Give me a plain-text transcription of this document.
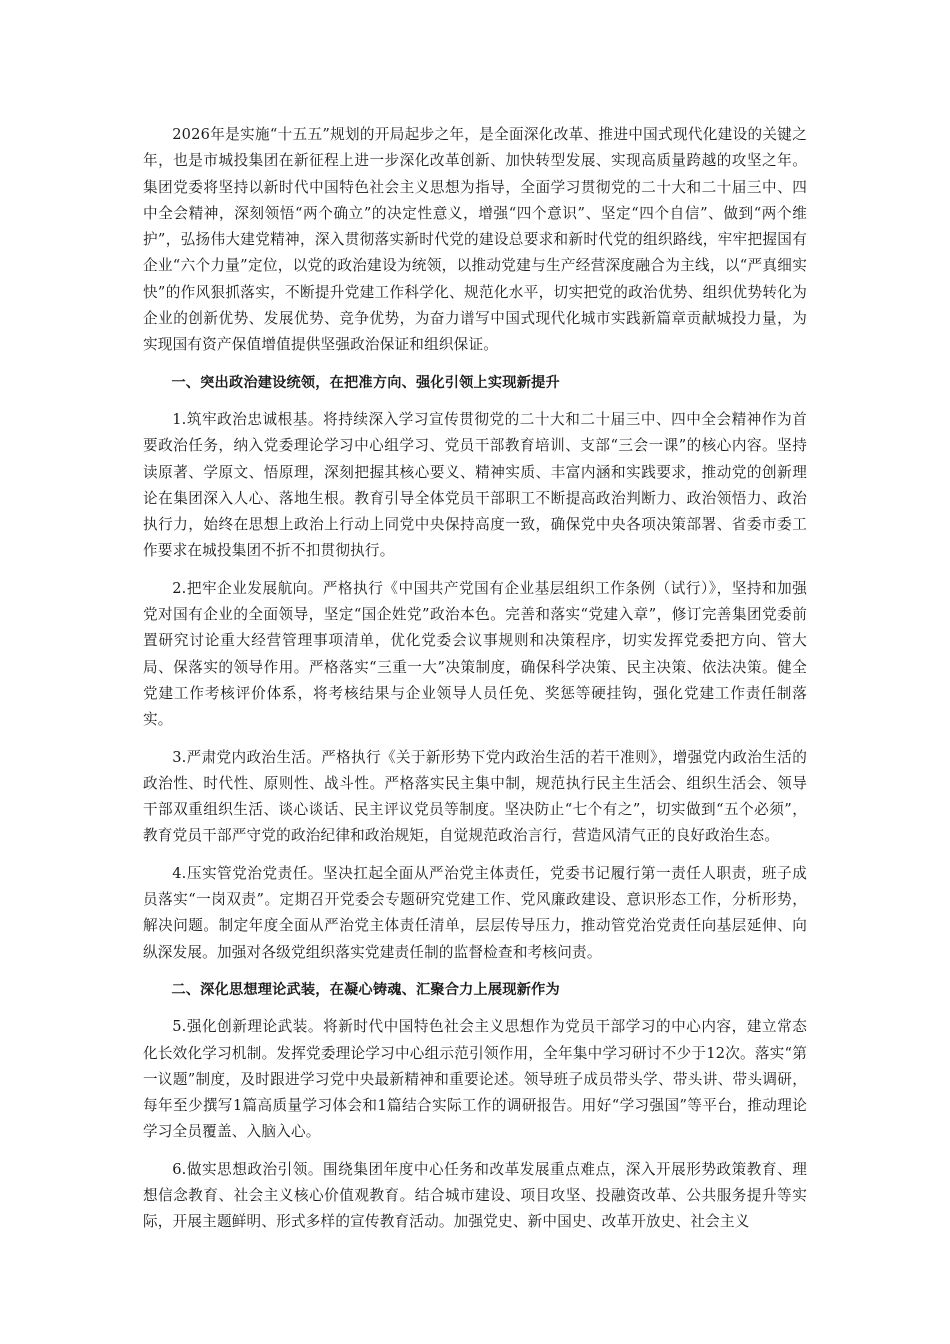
2026年是实施“十五五”规划的开局起步之年，是全面深化改革、推进中国式现代化建设的关键之年，也是市城投集团在新征程上进一步深化改革创新、加快转型发展、实现高质量跨越的攻坚之年。集团党委将坚持以新时代中国特色社会主义思想为指导，全面学习贯彻党的二十大和二十届三中、四中全会精神，深刻领悟“两个确立”的决定性意义，增强“四个意识”、坚定“四个自信”、做到“两个维护”，弘扬伟大建党精神，深入贯彻落实新时代党的建设总要求和新时代党的组织路线，牢牢把握国有企业“六个力量”定位，以党的政治建设为统领，以推动党建与生产经营深度融合为主线，以“严真细实快”的作风狠抓落实，不断提升党建工作科学化、规范化水平，切实把党的政治优势、组织优势转化为企业的创新优势、发展优势、竞争优势，为奋力谱写中国式现代化城市实践新篇章贡献城投力量，为实现国有资产保值增值提供坚强政治保证和组织保证。

一、突出政治建设统领，在把准方向、强化引领上实现新提升

1.筑牢政治忠诚根基。将持续深入学习宣传贯彻党的二十大和二十届三中、四中全会精神作为首要政治任务，纳入党委理论学习中心组学习、党员干部教育培训、支部“三会一课”的核心内容。坚持读原著、学原文、悟原理，深刻把握其核心要义、精神实质、丰富内涵和实践要求，推动党的创新理论在集团深入人心、落地生根。教育引导全体党员干部职工不断提高政治判断力、政治领悟力、政治执行力，始终在思想上政治上行动上同党中央保持高度一致，确保党中央各项决策部署、省委市委工作要求在城投集团不折不扣贯彻执行。

2.把牢企业发展航向。严格执行《中国共产党国有企业基层组织工作条例（试行）》，坚持和加强党对国有企业的全面领导，坚定“国企姓党”政治本色。完善和落实“党建入章”，修订完善集团党委前置研究讨论重大经营管理事项清单，优化党委会议事规则和决策程序，切实发挥党委把方向、管大局、保落实的领导作用。严格落实“三重一大”决策制度，确保科学决策、民主决策、依法决策。健全党建工作考核评价体系，将考核结果与企业领导人员任免、奖惩等硬挂钩，强化党建工作责任制落实。

3.严肃党内政治生活。严格执行《关于新形势下党内政治生活的若干准则》，增强党内政治生活的政治性、时代性、原则性、战斗性。严格落实民主集中制，规范执行民主生活会、组织生活会、领导干部双重组织生活、谈心谈话、民主评议党员等制度。坚决防止“七个有之”，切实做到“五个必须”，教育党员干部严守党的政治纪律和政治规矩，自觉规范政治言行，营造风清气正的良好政治生态。

4.压实管党治党责任。坚决扛起全面从严治党主体责任，党委书记履行第一责任人职责，班子成员落实“一岗双责”。定期召开党委会专题研究党建工作、党风廉政建设、意识形态工作，分析形势，解决问题。制定年度全面从严治党主体责任清单，层层传导压力，推动管党治党责任向基层延伸、向纵深发展。加强对各级党组织落实党建责任制的监督检查和考核问责。

二、深化思想理论武装，在凝心铸魂、汇聚合力上展现新作为

5.强化创新理论武装。将新时代中国特色社会主义思想作为党员干部学习的中心内容，建立常态化长效化学习机制。发挥党委理论学习中心组示范引领作用，全年集中学习研讨不少于12次。落实“第一议题”制度，及时跟进学习党中央最新精神和重要论述。领导班子成员带头学、带头讲、带头调研，每年至少撰写1篇高质量学习体会和1篇结合实际工作的调研报告。用好“学习强国”等平台，推动理论学习全员覆盖、入脑入心。

6.做实思想政治引领。围绕集团年度中心任务和改革发展重点难点，深入开展形势政策教育、理想信念教育、社会主义核心价值观教育。结合城市建设、项目攻坚、投融资改革、公共服务提升等实际，开展主题鲜明、形式多样的宣传教育活动。加强党史、新中国史、改革开放史、社会主义
